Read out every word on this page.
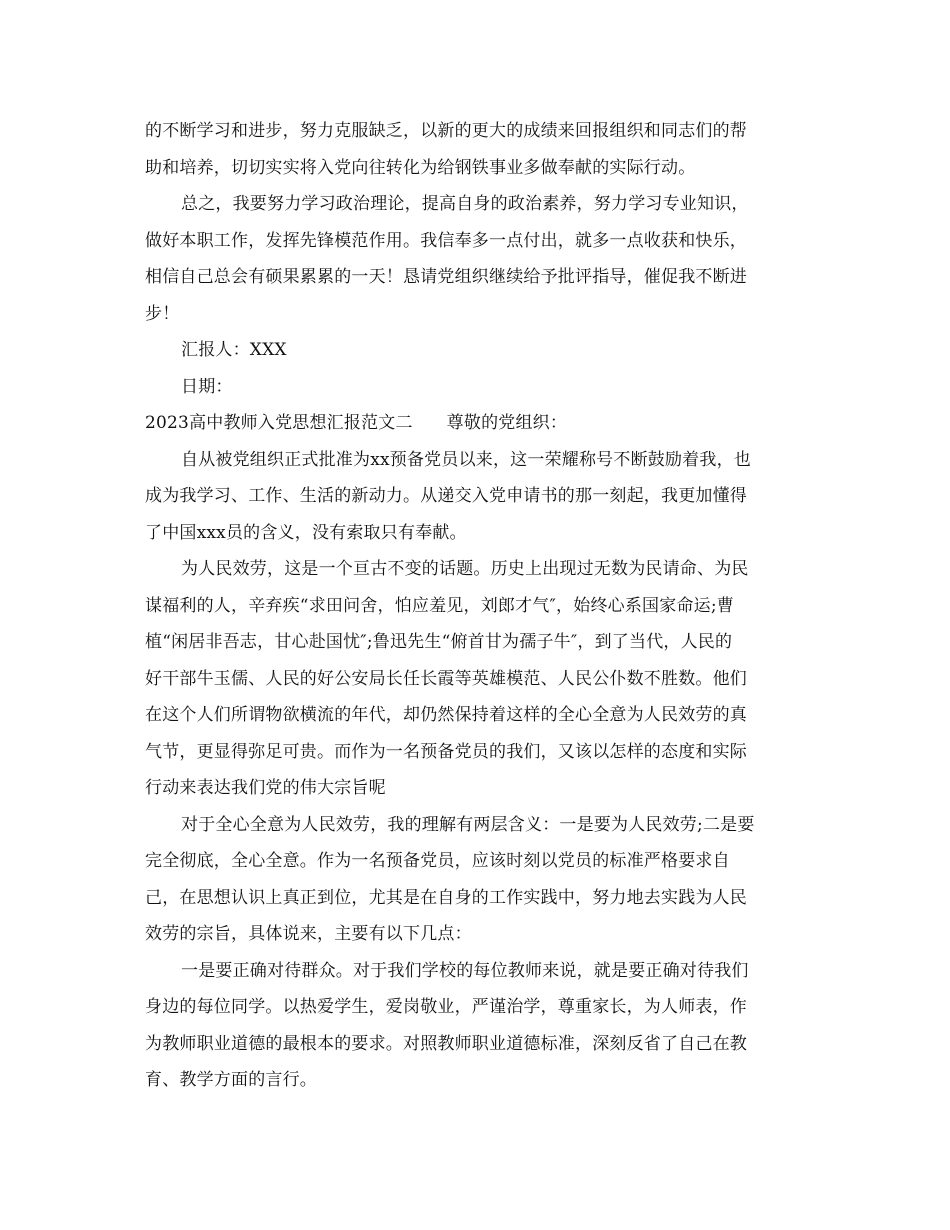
的不断学习和进步，努力克服缺乏，以新的更大的成绩来回报组织和同志们的帮
助和培养，切切实实将入党向往转化为给钢铁事业多做奉献的实际行动。
总之，我要努力学习政治理论，提高自身的政治素养，努力学习专业知识，
做好本职工作，发挥先锋模范作用。我信奉多一点付出，就多一点收获和快乐，
相信自己总会有硕果累累的一天！恳请党组织继续给予批评指导，催促我不断进
步！
汇报人：XXX
日期：
2023高中教师入党思想汇报范文二 尊敬的党组织：
自从被党组织正式批准为xx预备党员以来，这一荣耀称号不断鼓励着我，也
成为我学习、工作、生活的新动力。从递交入党申请书的那一刻起，我更加懂得
了中国xxx员的含义，没有索取只有奉献。
为人民效劳，这是一个亘古不变的话题。历史上出现过无数为民请命、为民
谋福利的人，辛弃疾“求田问舍，怕应羞见，刘郎才气″，始终心系国家命运;曹
植“闲居非吾志，甘心赴国忧″;鲁迅先生“俯首甘为孺子牛″，到了当代，人民的
好干部牛玉儒、人民的好公安局长任长霞等英雄模范、人民公仆数不胜数。他们
在这个人们所谓物欲横流的年代，却仍然保持着这样的全心全意为人民效劳的真
气节，更显得弥足可贵。而作为一名预备党员的我们，又该以怎样的态度和实际
行动来表达我们党的伟大宗旨呢
对于全心全意为人民效劳，我的理解有两层含义：一是要为人民效劳;二是要
完全彻底，全心全意。作为一名预备党员，应该时刻以党员的标准严格要求自
己，在思想认识上真正到位，尤其是在自身的工作实践中，努力地去实践为人民
效劳的宗旨，具体说来，主要有以下几点：
一是要正确对待群众。对于我们学校的每位教师来说，就是要正确对待我们
身边的每位同学。以热爱学生，爱岗敬业，严谨治学，尊重家长，为人师表，作
为教师职业道德的最根本的要求。对照教师职业道德标准，深刻反省了自己在教
育、教学方面的言行。
